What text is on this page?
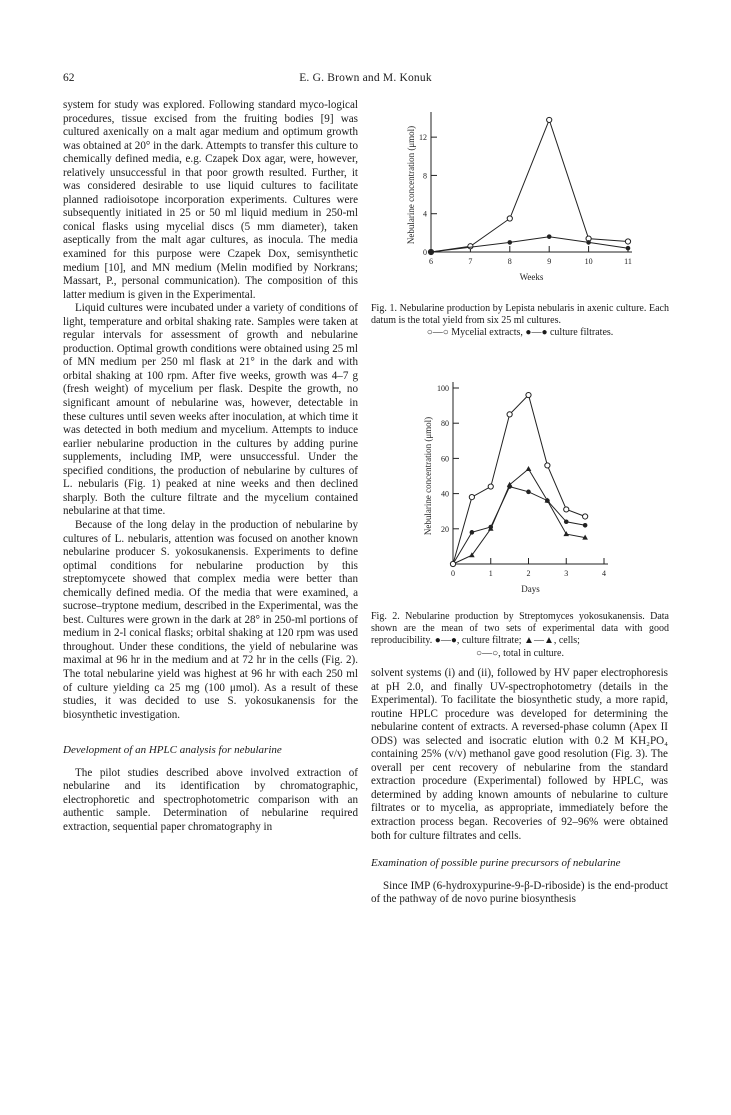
62	E. G. Brown and M. Konuk

system for study was explored. Following standard myco-logical procedures, tissue excised from the fruiting bodies [9] was cultured axenically on a malt agar medium and optimum growth was obtained at 20° in the dark. Attempts to transfer this culture to chemically defined media, e.g. Czapek Dox agar, were, however, relatively unsuccessful in that poor growth resulted. Further, it was considered desirable to use liquid cultures to facilitate planned radioisotope incorporation experiments. Cultures were subsequently initiated in 25 or 50 ml liquid medium in 250-ml conical flasks using mycelial discs (5 mm diameter), taken aseptically from the malt agar cultures, as inocula. The media examined for this purpose were Czapek Dox, semisynthetic medium [10], and MN medium (Melin modified by Norkrans; Massart, P., personal communication). The composition of this latter medium is given in the Experimental.

Liquid cultures were incubated under a variety of conditions of light, temperature and orbital shaking rate. Samples were taken at regular intervals for assessment of growth and nebularine production. Optimal growth conditions were obtained using 25 ml of MN medium per 250 ml flask at 21° in the dark and with orbital shaking at 100 rpm. After five weeks, growth was 4–7 g (fresh weight) of mycelium per flask. Despite the growth, no significant amount of nebularine was, however, detectable in these cultures until seven weeks after inoculation, at which time it was detected in both medium and mycelium. Attempts to induce earlier nebularine production in the cultures by adding purine supplements, including IMP, were unsuccessful. Under the specified conditions, the production of nebularine by cultures of L. nebularis (Fig. 1) peaked at nine weeks and then declined sharply. Both the culture filtrate and the mycelium contained nebularine at that time.

Because of the long delay in the production of nebularine by cultures of L. nebularis, attention was focused on another known nebularine producer S. yokosukanensis. Experiments to define optimal conditions for nebularine production by this streptomycete showed that complex media were better than chemically defined media. Of the media that were examined, a sucrose–tryptone medium, described in the Experimental, was the best. Cultures were grown in the dark at 28° in 250-ml portions of medium in 2-l conical flasks; orbital shaking at 120 rpm was used throughout. Under these conditions, the yield of nebularine was maximal at 96 hr in the medium and at 72 hr in the cells (Fig. 2). The total nebularine yield was highest at 96 hr with each 250 ml of culture yielding ca 25 mg (100 μmol). As a result of these studies, it was decided to use S. yokosukanensis for the biosynthetic investigation.

Development of an HPLC analysis for nebularine

The pilot studies described above involved extraction of nebularine and its identification by chromatographic, electrophoretic and spectrophotometric comparison with an authentic sample. Determination of nebularine required extraction, sequential paper chromatography in

0
4
8
12
6	7	8	9	10	11
Weeks
Nebularine concentration (μmol)
Fig. 1. Nebularine production by Lepista nebularis in axenic culture. Each datum is the total yield from six 25 ml cultures.
○—○ Mycelial extracts, ●—● culture filtrates.
20
40
60
80
100
0	1	2	3	4
Days
Nebularine concentration (μmol)
Fig. 2. Nebularine production by Streptomyces yokosukanensis. Data shown are the mean of two sets of experimental data with good reproducibility. ●—●, culture filtrate; ▲—▲, cells;
○—○, total in culture.

solvent systems (i) and (ii), followed by HV paper electrophoresis at pH 2.0, and finally UV-spectrophotometry (details in the Experimental). To facilitate the biosynthetic study, a more rapid, routine HPLC procedure was developed for determining the nebularine content of extracts. A reversed-phase column (Apex II ODS) was selected and isocratic elution with 0.2 M KH₂PO₄ containing 25% (v/v) methanol gave good resolution (Fig. 3). The overall per cent recovery of nebularine from the standard extraction procedure (Experimental) followed by HPLC, was determined by adding known amounts of nebularine to culture filtrates or to mycelia, as appropriate, immediately before the extraction process began. Recoveries of 92–96% were obtained both for culture filtrates and cells.

Examination of possible purine precursors of nebularine

Since IMP (6-hydroxypurine-9-β-D-riboside) is the end-product of the pathway of de novo purine biosynthesis
